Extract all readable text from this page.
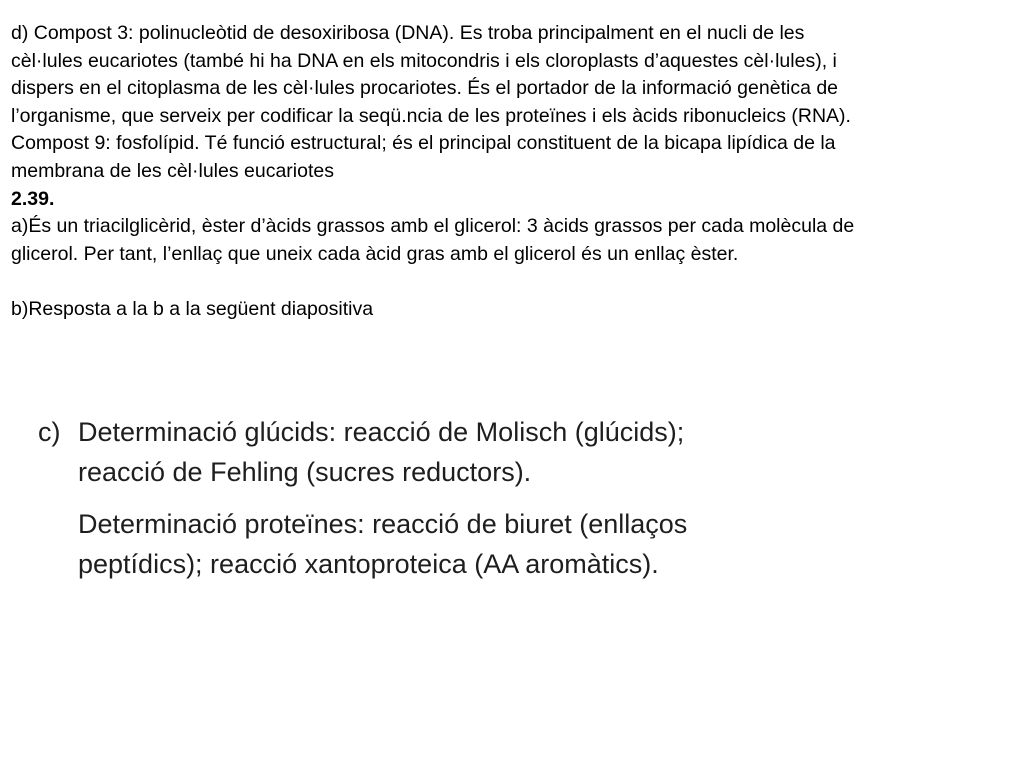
d) Compost 3: polinucleòtid de desoxiribosa (DNA). Es troba principalment en el nucli de les
cèl·lules eucariotes (també hi ha DNA en els mitocondris i els cloroplasts d’aquestes cèl·lules), i
dispers en el citoplasma de les cèl·lules procariotes. És el portador de la informació genètica de
l’organisme, que serveix per codificar la seqü.ncia de les proteïnes i els àcids ribonucleics (RNA).
Compost 9: fosfolípid. Té funció estructural; és el principal constituent de la bicapa lipídica de la
membrana de les cèl·lules eucariotes
2.39.
a)És un triacilglicèrid, èster d’àcids grassos amb el glicerol: 3 àcids grassos per cada molècula de
glicerol. Per tant, l’enllaç que uneix cada àcid gras amb el glicerol és un enllaç èster.
b)Resposta a la b a la següent diapositiva
c) Determinació glúcids: reacció de Molisch (glúcids);
reacció de Fehling (sucres reductors).
Determinació proteïnes: reacció de biuret (enllaços
peptídics); reacció xantoproteica (AA aromàtics).
